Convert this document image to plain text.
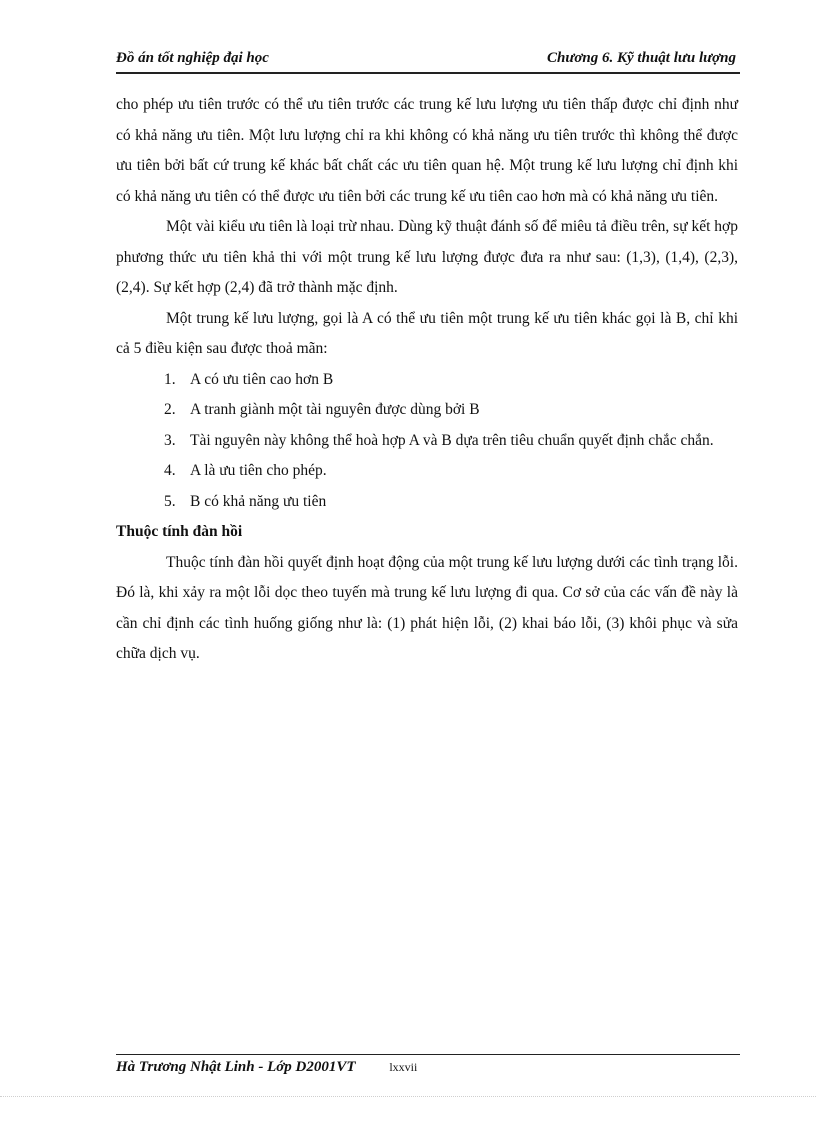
Đồ án tốt nghiệp đại học	Chương 6. Kỹ thuật lưu lượng

cho phép ưu tiên trước có thể ưu tiên trước các trung kế lưu lượng ưu tiên thấp được chỉ định như có khả năng ưu tiên. Một lưu lượng chỉ ra khi không có khả năng ưu tiên trước thì không thể được ưu tiên bởi bất cứ trung kế khác bất chất các ưu tiên quan hệ. Một trung kế lưu lượng chỉ định khi có khả năng ưu tiên có thể được ưu tiên bởi các trung kế ưu tiên cao hơn mà có khả năng ưu tiên.

Một vài kiểu ưu tiên là loại trừ nhau. Dùng kỹ thuật đánh số để miêu tả điều trên, sự kết hợp phương thức ưu tiên khả thi với một trung kế lưu lượng được đưa ra như sau: (1,3), (1,4), (2,3), (2,4). Sự kết hợp (2,4) đã trở thành mặc định.

Một trung kế lưu lượng, gọi là A có thể ưu tiên một trung kế ưu tiên khác gọi là B, chỉ khi cả 5 điều kiện sau được thoả mãn:

1. A có ưu tiên cao hơn B
2. A tranh giành một tài nguyên được dùng bởi B
3. Tài nguyên này không thể hoà hợp A và B dựa trên tiêu chuẩn quyết định chắc chắn.
4. A là ưu tiên cho phép.
5. B có khả năng ưu tiên
Thuộc tính đàn hồi

Thuộc tính đàn hồi quyết định hoạt động của một trung kế lưu lượng dưới các tình trạng lỗi. Đó là, khi xảy ra một lỗi dọc theo tuyến mà trung kế lưu lượng đi qua. Cơ sở của các vấn đề này là cần chỉ định các tình huống giống như là: (1) phát hiện lỗi, (2) khai báo lỗi, (3) khôi phục và sửa chữa dịch vụ.

Hà Trương Nhật Linh - Lớp D2001VT	lxxvii
